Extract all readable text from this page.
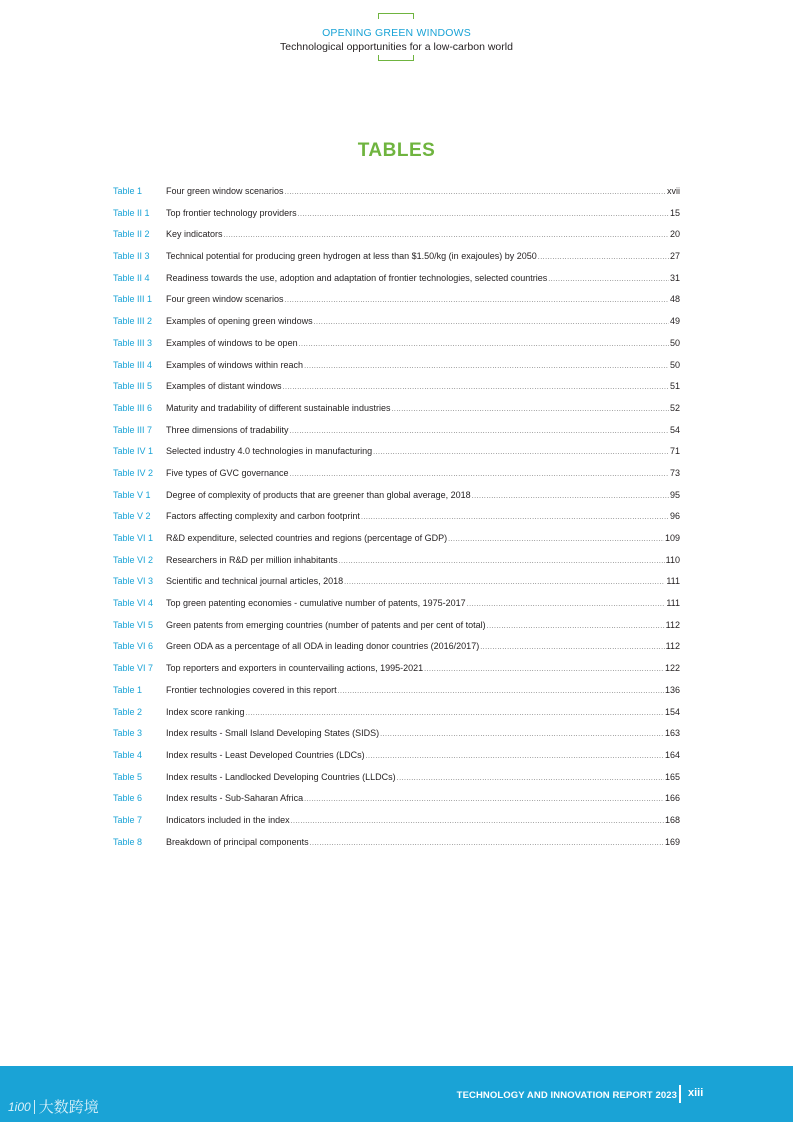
OPENING GREEN WINDOWS
Technological opportunities for a low-carbon world
TABLES
Table 1	Four green window scenarios .....	xvii
Table II 1	Top frontier technology providers .....	15
Table II 2	Key indicators .....	20
Table II 3	Technical potential for producing green hydrogen at less than $1.50/kg (in exajoules) by 2050 .....	27
Table II 4	Readiness towards the use, adoption and adaptation of frontier technologies, selected countries .....	31
Table III 1	Four green window scenarios .....	48
Table III 2	Examples of opening green windows .....	49
Table III 3	Examples of windows to be open .....	50
Table III 4	Examples of windows within reach .....	50
Table III 5	Examples of distant windows .....	51
Table III 6	Maturity and tradability of different sustainable industries .....	52
Table III 7	Three dimensions of tradability .....	54
Table IV 1	Selected industry 4.0 technologies in manufacturing .....	71
Table IV 2	Five types of GVC governance .....	73
Table V 1	Degree of complexity of products that are greener than global average, 2018 .....	95
Table V 2	Factors affecting complexity and carbon footprint .....	96
Table VI 1	R&D expenditure, selected countries and regions (percentage of GDP) .....	109
Table VI 2	Researchers in R&D per million inhabitants .....	110
Table VI 3	Scientific and technical journal articles, 2018 .....	111
Table VI 4	Top green patenting economies - cumulative number of patents, 1975-2017 .....	111
Table VI 5	Green patents from emerging countries (number of patents and per cent of total) .....	112
Table VI 6	Green ODA as a percentage of all ODA in leading donor countries (2016/2017) .....	112
Table VI 7	Top reporters and exporters in countervailing actions, 1995-2021 .....	122
Table 1	Frontier technologies covered in this report .....	136
Table 2	Index score ranking .....	154
Table 3	Index results - Small Island Developing States (SIDS) .....	163
Table 4	Index results - Least Developed Countries (LDCs) .....	164
Table 5	Index results - Landlocked Developing Countries (LLDCs) .....	165
Table 6	Index results - Sub-Saharan Africa .....	166
Table 7	Indicators included in the index .....	168
Table 8	Breakdown of principal components .....	169
TECHNOLOGY AND INNOVATION REPORT 2023 xiii
1i00 大数跨境
